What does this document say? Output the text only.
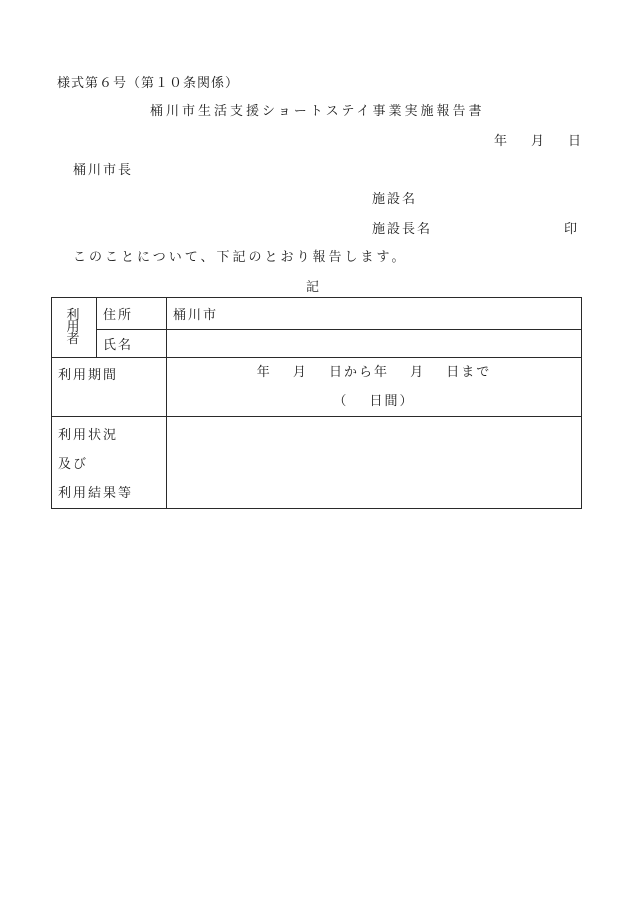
様式第６号（第１０条関係）
桶川市生活支援ショートステイ事業実施報告書
年 月 日
桶川市長
施設名
施設長名	印
このことについて、下記のとおり報告します。
記
利
用
者	住所	桶川市
	氏名	
利用期間		年　 月　 日から年　 月　 日まで
（　 日間）

利用状況
及び
利用結果等		
